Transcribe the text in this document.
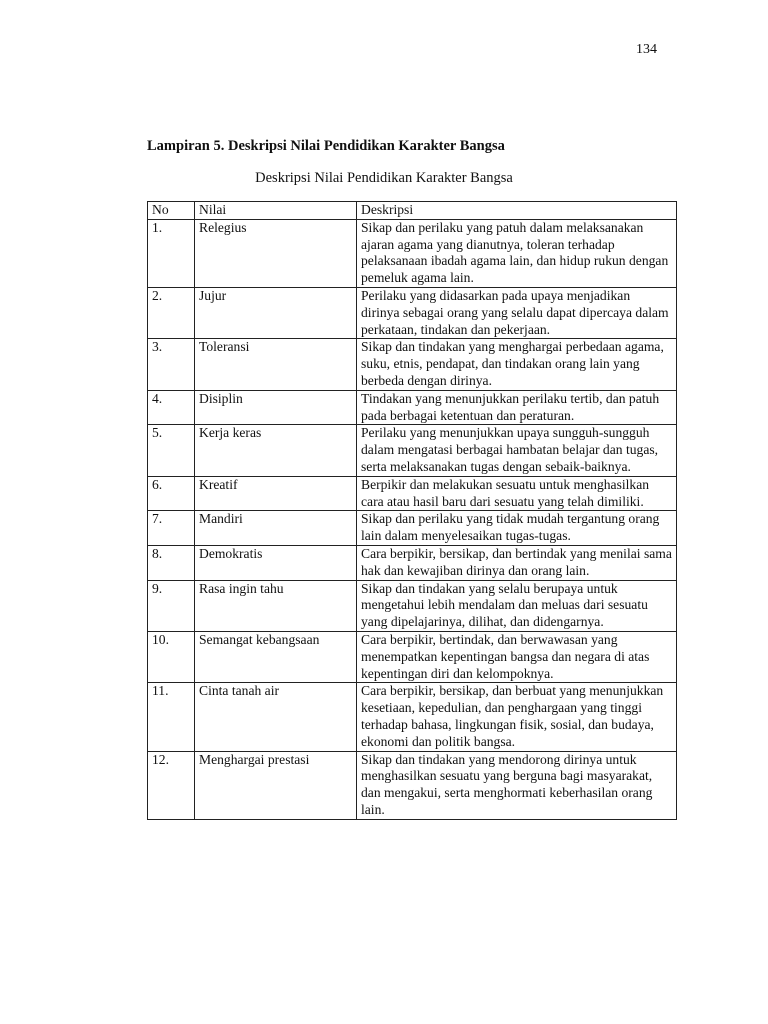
134
Lampiran 5. Deskripsi Nilai Pendidikan Karakter Bangsa
Deskripsi Nilai Pendidikan Karakter Bangsa
No	Nilai	Deskripsi
1.	Relegius	Sikap dan perilaku yang patuh dalam melaksanakan ajaran agama yang dianutnya, toleran terhadap pelaksanaan ibadah agama lain, dan hidup rukun dengan pemeluk agama lain.
2.	Jujur	Perilaku yang didasarkan pada upaya menjadikan dirinya sebagai orang yang selalu dapat dipercaya dalam perkataan, tindakan dan pekerjaan.
3.	Toleransi	Sikap dan tindakan yang menghargai perbedaan agama, suku, etnis, pendapat, dan tindakan orang lain yang berbeda dengan dirinya.
4.	Disiplin	Tindakan yang menunjukkan perilaku tertib, dan patuh pada berbagai ketentuan dan peraturan.
5.	Kerja keras	Perilaku yang menunjukkan upaya sungguh-sungguh dalam mengatasi berbagai hambatan belajar dan tugas, serta melaksanakan tugas dengan sebaik-baiknya.
6.	Kreatif	Berpikir dan melakukan sesuatu untuk menghasilkan cara atau hasil baru dari sesuatu yang telah dimiliki.
7.	Mandiri	Sikap dan perilaku yang tidak mudah tergantung orang lain dalam menyelesaikan tugas-tugas.
8.	Demokratis	Cara berpikir, bersikap, dan bertindak yang menilai sama hak dan kewajiban dirinya dan orang lain.
9.	Rasa ingin tahu	Sikap dan tindakan yang selalu berupaya untuk mengetahui lebih mendalam dan meluas dari sesuatu yang dipelajarinya, dilihat, dan didengarnya.
10.	Semangat kebangsaan	Cara berpikir, bertindak, dan berwawasan yang menempatkan kepentingan bangsa dan negara di atas kepentingan diri dan kelompoknya.
11.	Cinta tanah air	Cara berpikir, bersikap, dan berbuat yang menunjukkan kesetiaan, kepedulian, dan penghargaan yang tinggi terhadap bahasa, lingkungan fisik, sosial, dan budaya, ekonomi dan politik bangsa.
12.	Menghargai prestasi	Sikap dan tindakan yang mendorong dirinya untuk menghasilkan sesuatu yang berguna bagi masyarakat, dan mengakui, serta menghormati keberhasilan orang lain.
